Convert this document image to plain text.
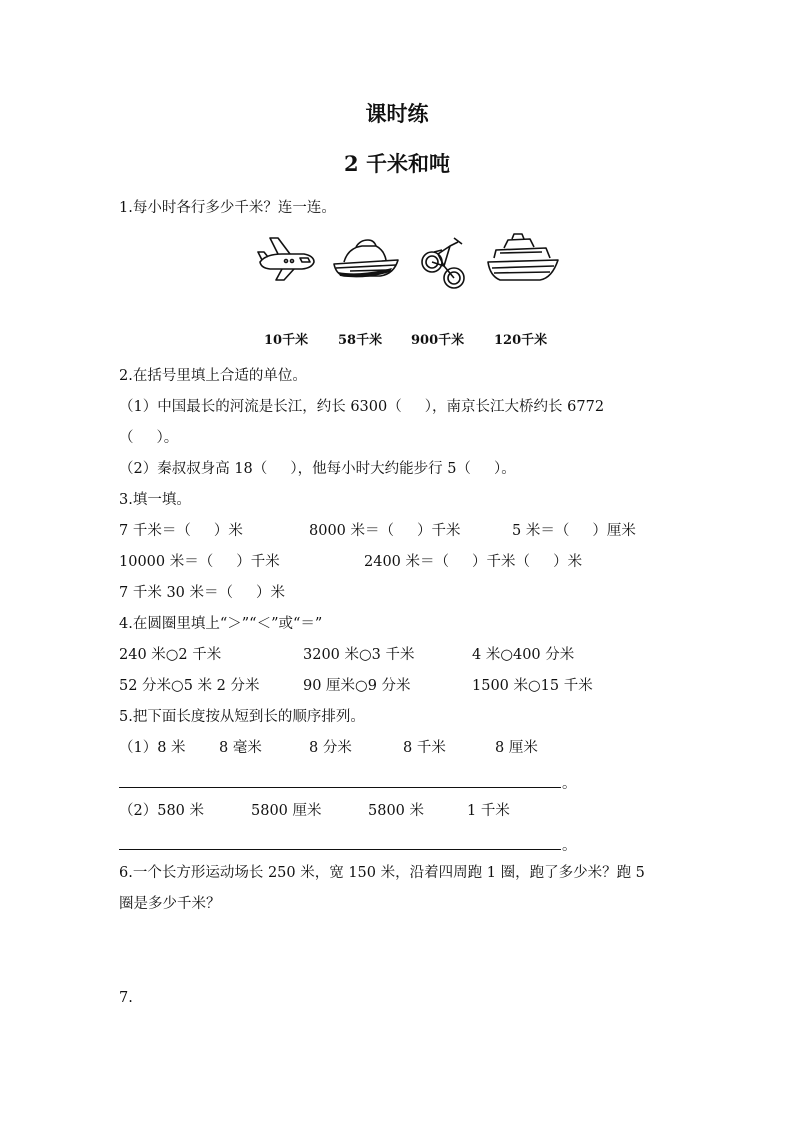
课时练
2 千米和吨
1.每小时各行多少千米？连一连。
10千米 58千米 900千米 120千米
2.在括号里填上合适的单位。
（1）中国最长的河流是长江，约长 6300（     ），南京长江大桥约长 6772
（     ）。
（2）秦叔叔身高 18（     ），他每小时大约能步行 5（     ）。
3.填一填。
7 千米＝（     ）米	8000 米＝（     ）千米	5 米＝（     ）厘米
10000 米＝（     ）千米	2400 米＝（     ）千米（     ）米
7 千米 30 米＝（     ）米
4.在圆圈里填上“＞”“＜”或“＝”
240 米○2 千米	3200 米○3 千米	4 米○400 分米
52 分米○5 米 2 分米	90 厘米○9 分米	1500 米○15 千米
5.把下面长度按从短到长的顺序排列。
（1）8 米 8 毫米	8 分米	8 千米	8 厘米
。
（2）580 米	5800 厘米	5800 米	1 千米
。
6.一个长方形运动场长 250 米，宽 150 米，沿着四周跑 1 圈，跑了多少米？跑 5
圈是多少千米？
7.
